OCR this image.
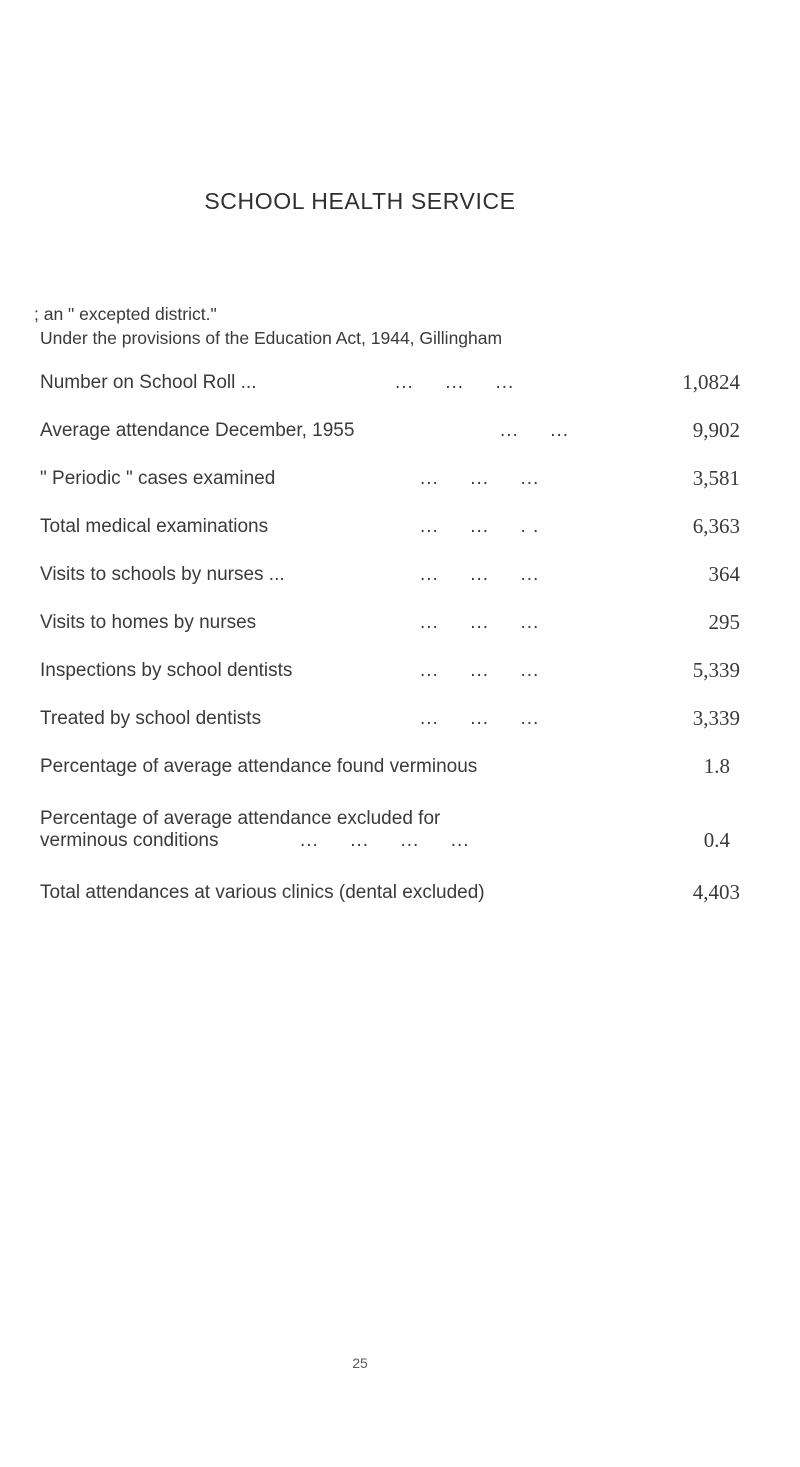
SCHOOL HEALTH SERVICE

Under the provisions of the Education Act, 1944, Gillingham

; an " excepted district."

Number on School Roll ...	...     ...     ...	1,0824
Average attendance December, 1955	...     ...	9,902
" Periodic " cases examined	...     ...     ...	3,581
Total medical examinations	...     ...     . .	6,363
Visits to schools by nurses ...	...     ...     ...	364
Visits to homes by nurses	...     ...     ...	295
Inspections by school dentists	...     ...     ...	5,339
Treated by school dentists	...     ...     ...	3,339
Percentage of average attendance found verminous	1.8
Percentage of average attendance excluded for
verminous conditions	...     ...     ...     ...	0.4
Total attendances at various clinics (dental excluded)	4,403
25
